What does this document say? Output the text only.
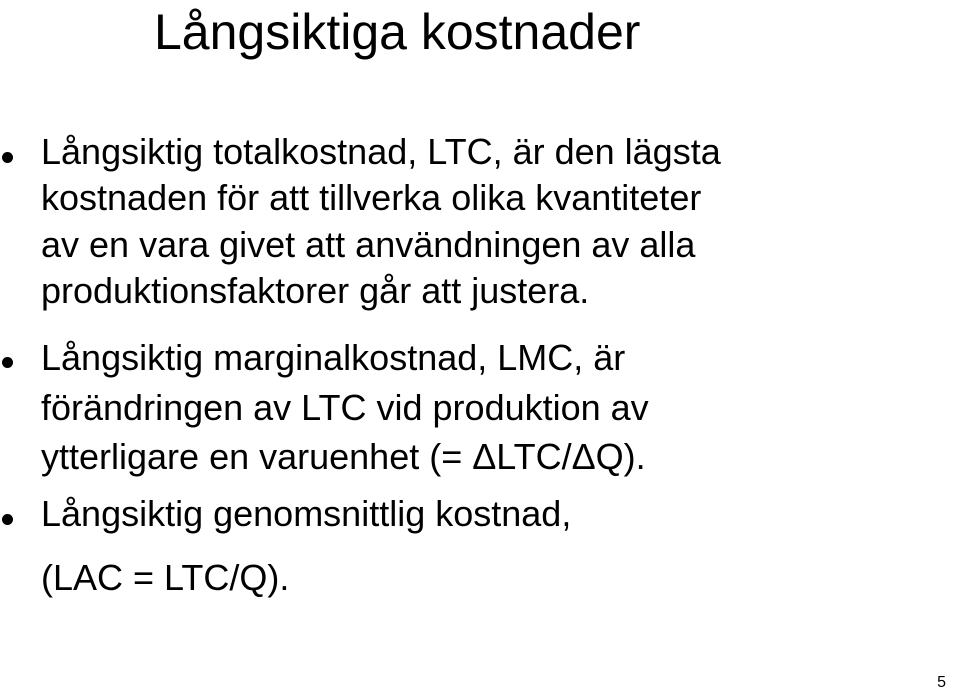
Långsiktiga kostnader
Långsiktig totalkostnad, LTC, är den lägsta
kostnaden för att tillverka olika kvantiteter
av en vara givet att användningen av alla
produktionsfaktorer går att justera.
Långsiktig marginalkostnad, LMC, är
förändringen av LTC vid produktion av
ytterligare en varuenhet (= ΔLTC/ΔQ).
Långsiktig genomsnittlig kostnad,
(LAC = LTC/Q).
5
